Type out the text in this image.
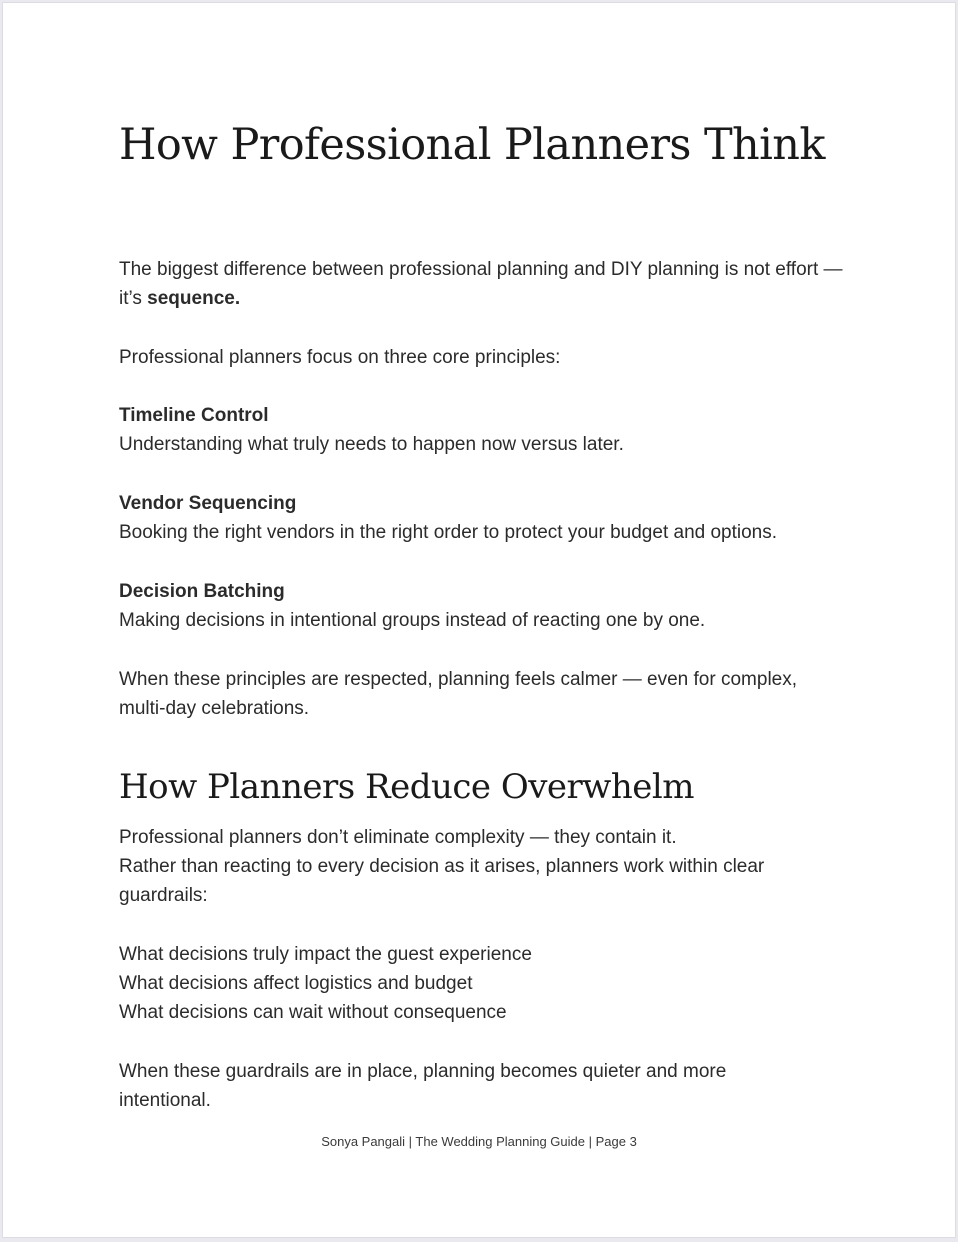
How Professional Planners Think

The biggest difference between professional planning and DIY planning is not effort —
it’s sequence.

Professional planners focus on three core principles:

Timeline Control
Understanding what truly needs to happen now versus later.

Vendor Sequencing
Booking the right vendors in the right order to protect your budget and options.

Decision Batching
Making decisions in intentional groups instead of reacting one by one.

When these principles are respected, planning feels calmer — even for complex,
multi-day celebrations.

How Planners Reduce Overwhelm

Professional planners don’t eliminate complexity — they contain it.
Rather than reacting to every decision as it arises, planners work within clear
guardrails:

What decisions truly impact the guest experience
What decisions affect logistics and budget
What decisions can wait without consequence

When these guardrails are in place, planning becomes quieter and more
intentional.

Sonya Pangali | The Wedding Planning Guide | Page 3
